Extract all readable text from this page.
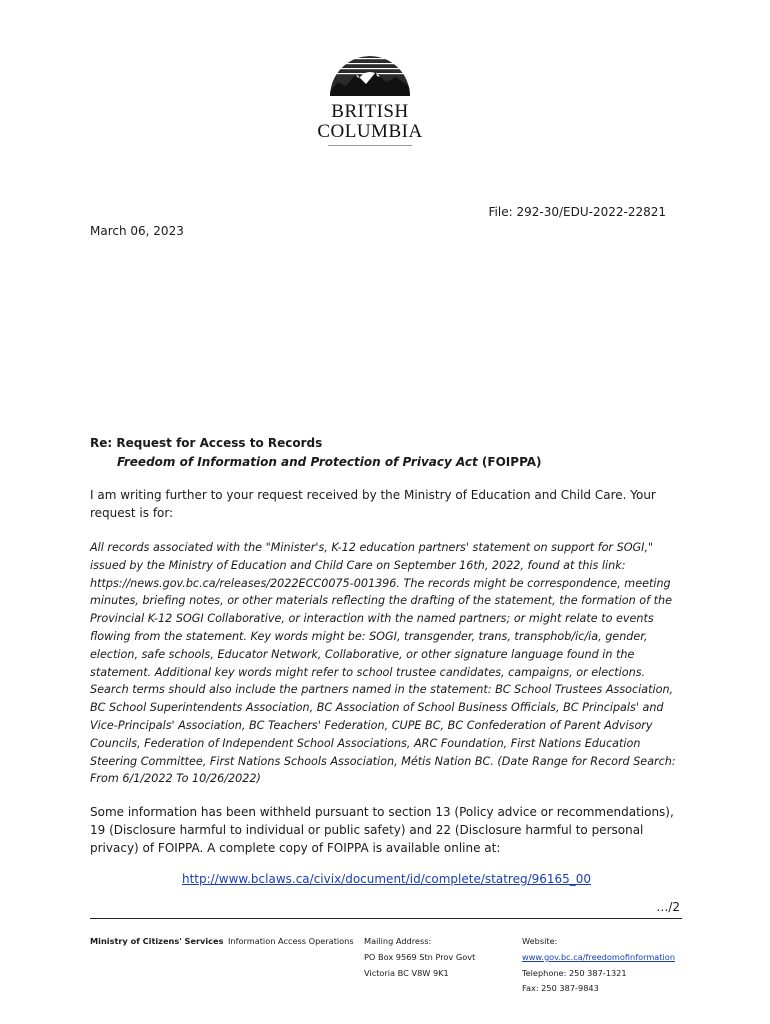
BRITISH
COLUMBIA
File: 292-30/EDU-2022-22821
March 06, 2023
Re: Request for Access to Records
Freedom of Information and Protection of Privacy Act (FOIPPA)
I am writing further to your request received by the Ministry of Education and Child Care. Your request is for:
All records associated with the "Minister's, K-12 education partners' statement on support for SOGI," issued by the Ministry of Education and Child Care on September 16th, 2022, found at this link: https://news.gov.bc.ca/releases/2022ECC0075-001396. The records might be correspondence, meeting minutes, briefing notes, or other materials reflecting the drafting of the statement, the formation of the Provincial K-12 SOGI Collaborative, or interaction with the named partners; or might relate to events flowing from the statement. Key words might be: SOGI, transgender, trans, transphob/ic/ia, gender, election, safe schools, Educator Network, Collaborative, or other signature language found in the statement. Additional key words might refer to school trustee candidates, campaigns, or elections. Search terms should also include the partners named in the statement: BC School Trustees Association, BC School Superintendents Association, BC Association of School Business Officials, BC Principals' and Vice-Principals' Association, BC Teachers' Federation, CUPE BC, BC Confederation of Parent Advisory Councils, Federation of Independent School Associations, ARC Foundation, First Nations Education Steering Committee, First Nations Schools Association, Métis Nation BC. (Date Range for Record Search: From 6/1/2022 To 10/26/2022)
Some information has been withheld pursuant to section 13 (Policy advice or recommendations), 19 (Disclosure harmful to individual or public safety) and 22 (Disclosure harmful to personal privacy) of FOIPPA. A complete copy of FOIPPA is available online at:
http://www.bclaws.ca/civix/document/id/complete/statreg/96165_00
…/2
Ministry of Citizens' Services Information Access Operations Mailing Address:
PO Box 9569 Stn Prov Govt
Victoria BC V8W 9K1
Website:
www.gov.bc.ca/freedomofinformation
Telephone: 250 387-1321
Fax: 250 387-9843
